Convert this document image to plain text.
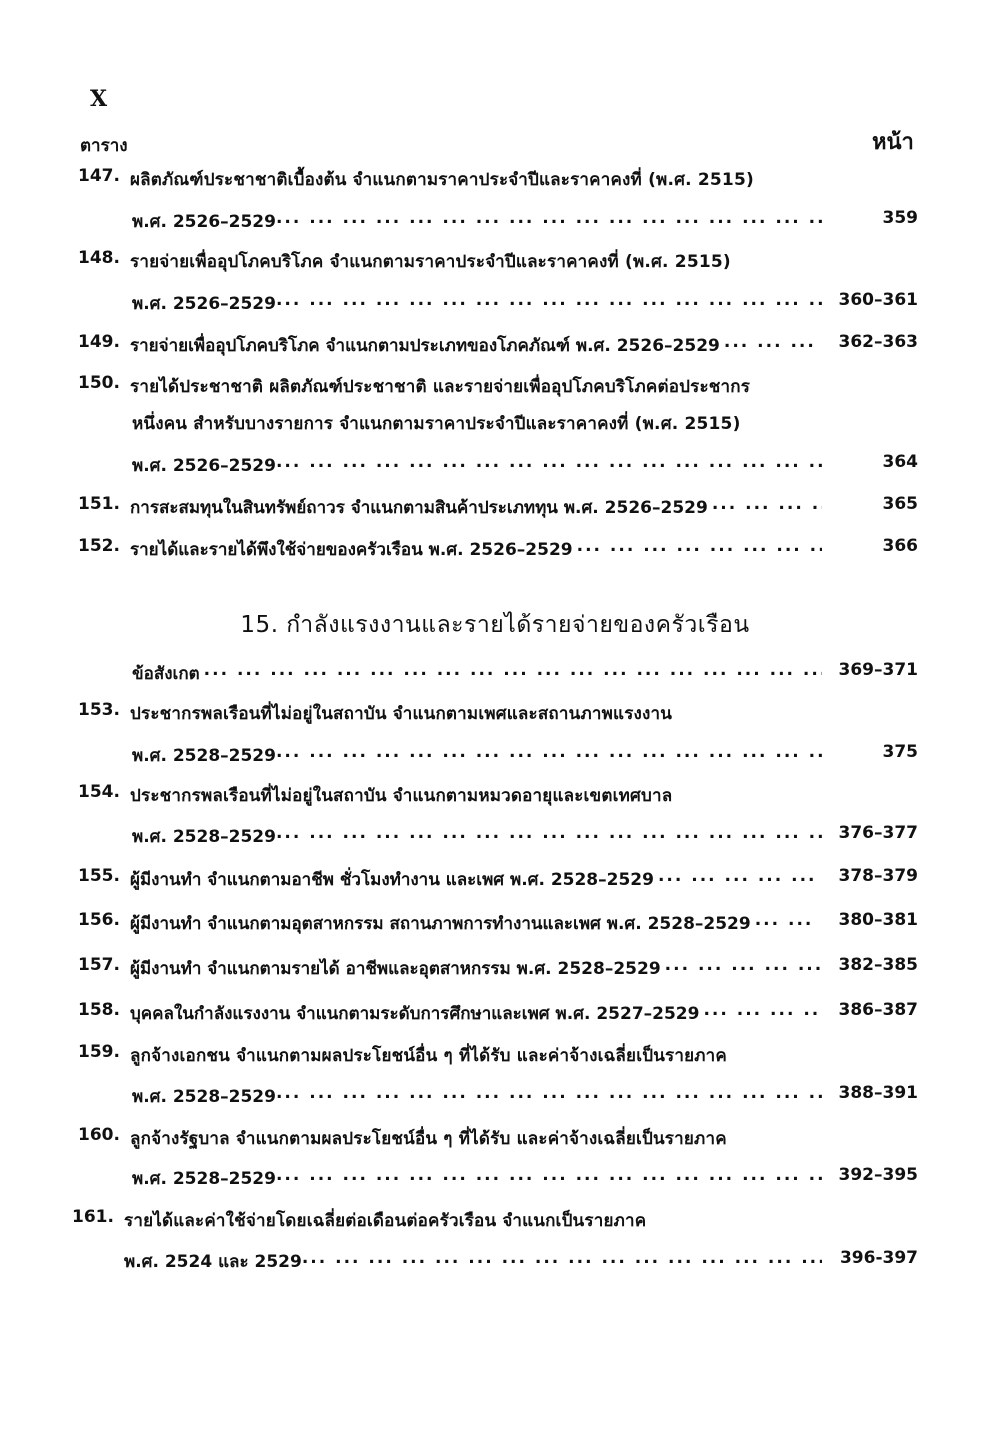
X
ตาราง	หน้า
147. ผลิตภัณฑ์ประชาชาติเบื้องต้น จำแนกตามราคาประจำปีและราคาคงที่ (พ.ศ. 2515)
พ.ศ. 2526–2529 ... .	359
148. รายจ่ายเพื่ออุปโภคบริโภค จำแนกตามราคาประจำปีและราคาคงที่ (พ.ศ. 2515)
พ.ศ. 2526–2529 ... .	360–361
149. รายจ่ายเพื่ออุปโภคบริโภค จำแนกตามประเภทของโภคภัณฑ์ พ.ศ. 2526–2529 ... .	362–363
150. รายได้ประชาชาติ ผลิตภัณฑ์ประชาชาติ และรายจ่ายเพื่ออุปโภคบริโภคต่อประชากร
หนึ่งคน สำหรับบางรายการ จำแนกตามราคาประจำปีและราคาคงที่ (พ.ศ. 2515)
พ.ศ. 2526–2529 ... .	364
151. การสะสมทุนในสินทรัพย์ถาวร จำแนกตามสินค้าประเภททุน พ.ศ. 2526–2529 ... .	365
152. รายได้และรายได้พึงใช้จ่ายของครัวเรือน พ.ศ. 2526–2529 ... .	366
15. กำลังแรงงานและรายได้รายจ่ายของครัวเรือน
ข้อสังเกต ... .	369–371
153. ประชากรพลเรือนที่ไม่อยู่ในสถาบัน จำแนกตามเพศและสถานภาพแรงงาน
พ.ศ. 2528–2529 ... .	375
154. ประชากรพลเรือนที่ไม่อยู่ในสถาบัน จำแนกตามหมวดอายุและเขตเทศบาล
พ.ศ. 2528–2529 ... .	376–377
155. ผู้มีงานทำ จำแนกตามอาชีพ ชั่วโมงทำงาน และเพศ พ.ศ. 2528–2529 ... .	378–379
156. ผู้มีงานทำ จำแนกตามอุตสาหกรรม สถานภาพการทำงานและเพศ พ.ศ. 2528–2529 ... .	380–381
157. ผู้มีงานทำ จำแนกตามรายได้ อาชีพและอุตสาหกรรม พ.ศ. 2528–2529 ... .	382–385
158. บุคคลในกำลังแรงงาน จำแนกตามระดับการศึกษาและเพศ พ.ศ. 2527–2529 ... .	386–387
159. ลูกจ้างเอกชน จำแนกตามผลประโยชน์อื่น ๆ ที่ได้รับ และค่าจ้างเฉลี่ยเป็นรายภาค
พ.ศ. 2528–2529 ... .	388–391
160. ลูกจ้างรัฐบาล จำแนกตามผลประโยชน์อื่น ๆ ที่ได้รับ และค่าจ้างเฉลี่ยเป็นรายภาค
พ.ศ. 2528–2529 ... .	392–395
161. รายได้และค่าใช้จ่ายโดยเฉลี่ยต่อเดือนต่อครัวเรือน จำแนกเป็นรายภาค
พ.ศ. 2524 และ 2529 ... .	396-397
